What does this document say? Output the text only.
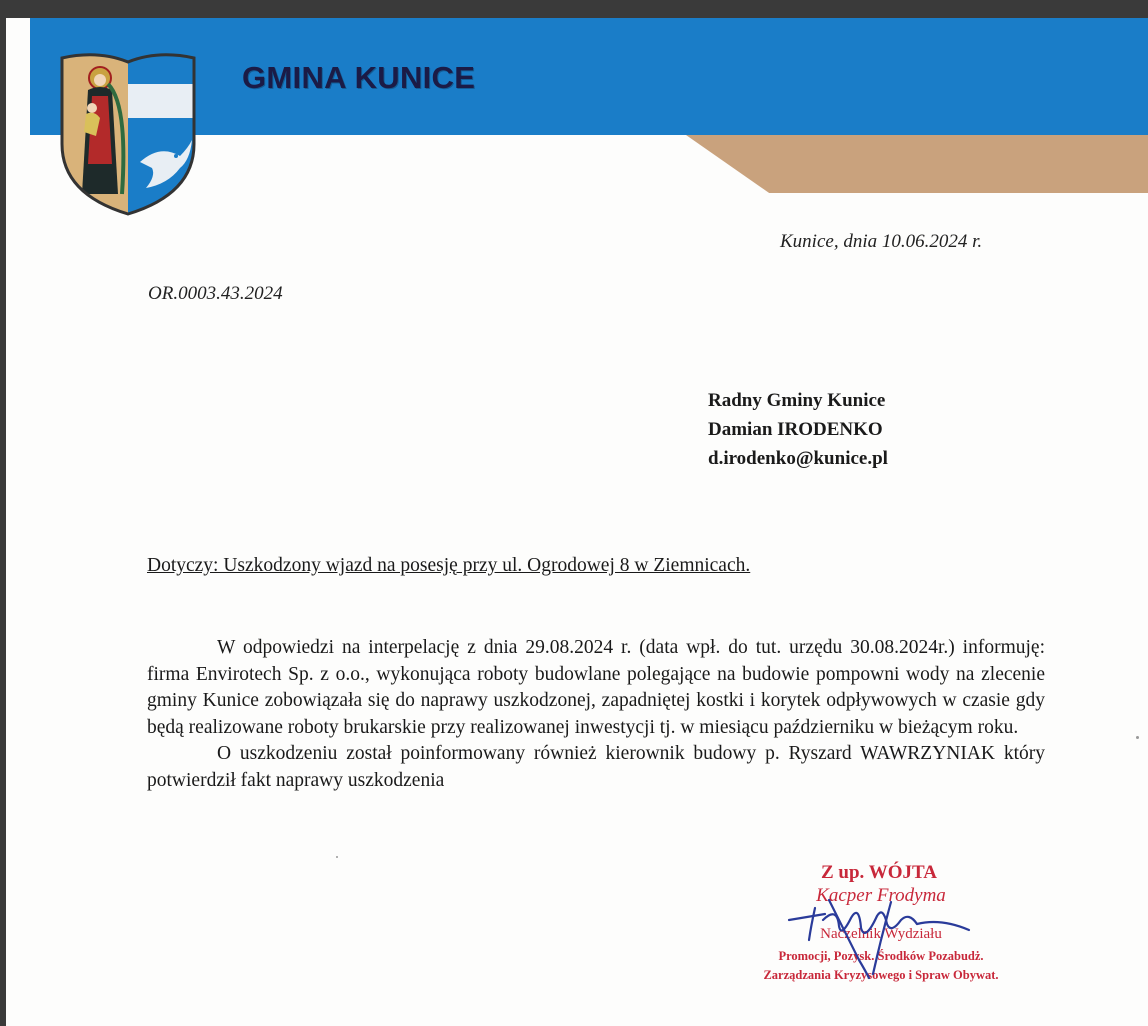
GMINA KUNICE
Kunice, dnia 10.06.2024 r.
OR.0003.43.2024
Radny Gminy Kunice
Damian IRODENKO
d.irodenko@kunice.pl
Dotyczy: Uszkodzony wjazd na posesję przy ul. Ogrodowej 8 w Ziemnicach.

W odpowiedzi na interpelację z dnia 29.08.2024 r. (data wpł. do tut. urzędu 30.08.2024r.) informuję: firma Envirotech Sp. z o.o., wykonująca roboty budowlane polegające na budowie pompowni wody na zlecenie gminy Kunice zobowiązała się do naprawy uszkodzonej, zapadniętej kostki i korytek odpływowych w czasie gdy będą realizowane roboty brukarskie przy realizowanej inwestycji tj. w miesiącu październiku w bieżącym roku.

O uszkodzeniu został poinformowany również kierownik budowy p. Ryszard WAWRZYNIAK który potwierdził fakt naprawy uszkodzenia

Z up. WÓJTA
Kacper Frodyma
Naczelnik Wydziału
Promocji, Pozysk. Środków Pozabudż.
Zarządzania Kryzysowego i Spraw Obywat.
